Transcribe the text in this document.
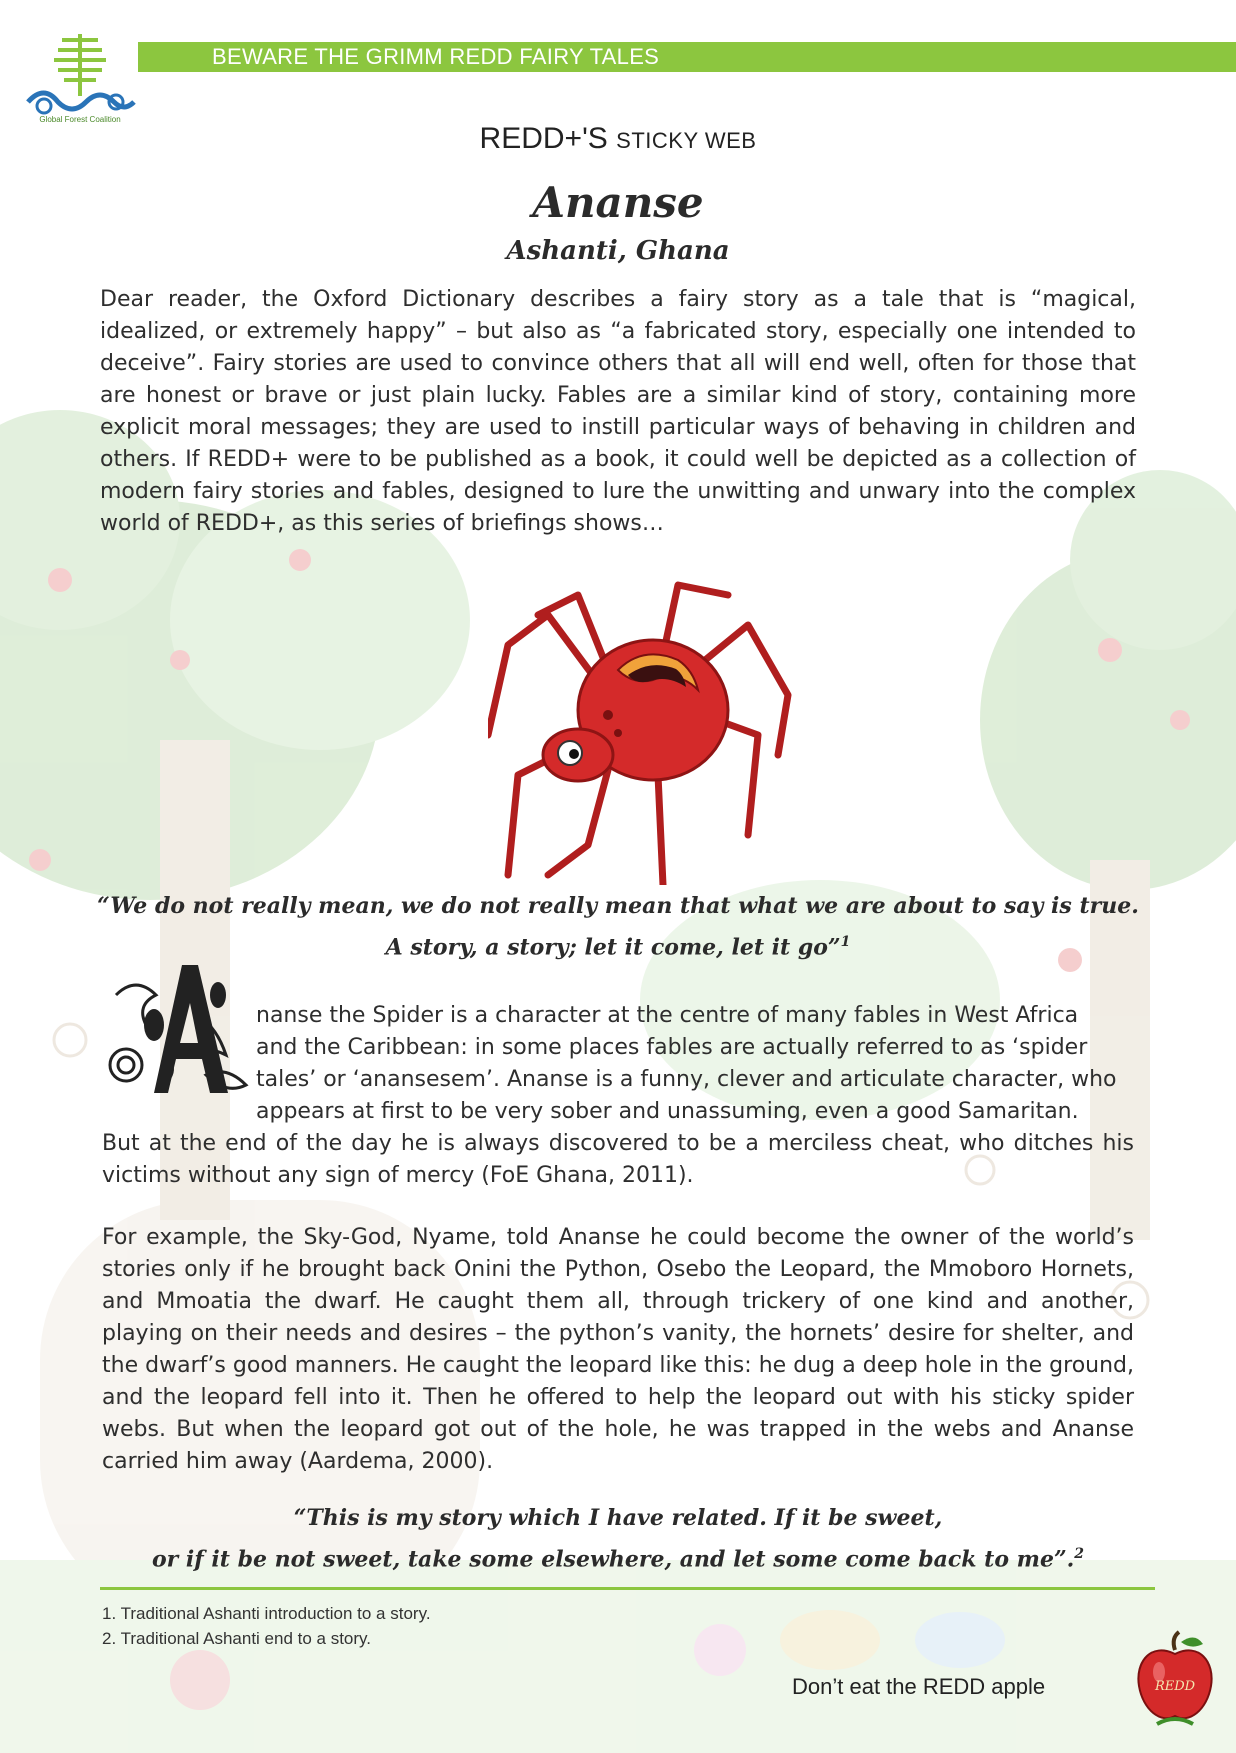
Global Forest Coalition
BEWARE THE GRIMM REDD FAIRY TALES
REDD+'S STICKY WEB
Ananse
Ashanti, Ghana

Dear reader, the Oxford Dictionary describes a fairy story as a tale that is “magical, idealized, or extremely happy” – but also as “a fabricated story, especially one intended to deceive”. Fairy stories are used to convince others that all will end well, often for those that are honest or brave or just plain lucky. Fables are a similar kind of story, containing more explicit moral messages; they are used to instill particular ways of behaving in children and others. If REDD+ were to be published as a book, it could well be depicted as a collection of modern fairy stories and fables, designed to lure the unwitting and unwary into the complex world of REDD+, as this series of briefings shows…

“We do not really mean, we do not really mean that what we are about to say is true.
A story, a story; let it come, let it go”$^1$
A
nanse the Spider is a character at the centre of many fables in West Africa
and the Caribbean: in some places fables are actually referred to as ‘spider
tales’ or ‘anansesem’. Ananse is a funny, clever and articulate character, who
appears at first to be very sober and unassuming, even a good Samaritan.
But at the end of the day he is always discovered to be a merciless cheat, who ditches his victims without any sign of mercy (FoE Ghana, 2011).

For example, the Sky-God, Nyame, told Ananse he could become the owner of the world’s stories only if he brought back Onini the Python, Osebo the Leopard, the Mmoboro Hornets, and Mmoatia the dwarf. He caught them all, through trickery of one kind and another, playing on their needs and desires – the python’s vanity, the hornets’ desire for shelter, and the dwarf’s good manners. He caught the leopard like this: he dug a deep hole in the ground, and the leopard fell into it. Then he offered to help the leopard out with his sticky spider webs. But when the leopard got out of the hole, he was trapped in the webs and Ananse carried him away (Aardema, 2000).

“This is my story which I have related. If it be sweet,
or if it be not sweet, take some elsewhere, and let some come back to me”.$^2$
1. Traditional Ashanti introduction to a story.
2. Traditional Ashanti end to a story.
Don’t eat the REDD apple	REDD
